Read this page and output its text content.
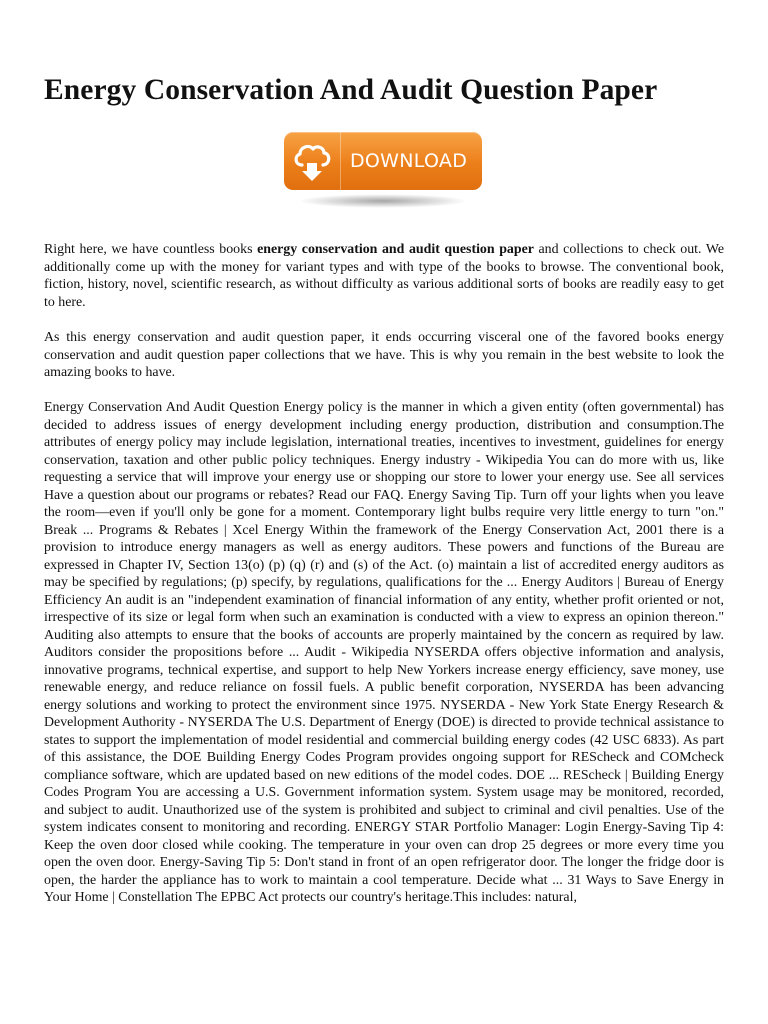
Energy Conservation And Audit Question Paper
DOWNLOAD

Right here, we have countless books energy conservation and audit question paper and collections to check out. We additionally come up with the money for variant types and with type of the books to browse. The conventional book, fiction, history, novel, scientific research, as without difficulty as various additional sorts of books are readily easy to get to here.

As this energy conservation and audit question paper, it ends occurring visceral one of the favored books energy conservation and audit question paper collections that we have. This is why you remain in the best website to look the amazing books to have.

Energy Conservation And Audit Question Energy policy is the manner in which a given entity (often governmental) has decided to address issues of energy development including energy production, distribution and consumption.The attributes of energy policy may include legislation, international treaties, incentives to investment, guidelines for energy conservation, taxation and other public policy techniques. Energy industry - Wikipedia You can do more with us, like requesting a service that will improve your energy use or shopping our store to lower your energy use. See all services Have a question about our programs or rebates? Read our FAQ. Energy Saving Tip. Turn off your lights when you leave the room—even if you'll only be gone for a moment. Contemporary light bulbs require very little energy to turn "on." Break ... Programs & Rebates | Xcel Energy Within the framework of the Energy Conservation Act, 2001 there is a provision to introduce energy managers as well as energy auditors. These powers and functions of the Bureau are expressed in Chapter IV, Section 13(o) (p) (q) (r) and (s) of the Act. (o) maintain a list of accredited energy auditors as may be specified by regulations; (p) specify, by regulations, qualifications for the ... Energy Auditors | Bureau of Energy Efficiency An audit is an "independent examination of financial information of any entity, whether profit oriented or not, irrespective of its size or legal form when such an examination is conducted with a view to express an opinion thereon." Auditing also attempts to ensure that the books of accounts are properly maintained by the concern as required by law. Auditors consider the propositions before ... Audit - Wikipedia NYSERDA offers objective information and analysis, innovative programs, technical expertise, and support to help New Yorkers increase energy efficiency, save money, use renewable energy, and reduce reliance on fossil fuels. A public benefit corporation, NYSERDA has been advancing energy solutions and working to protect the environment since 1975. NYSERDA - New York State Energy Research & Development Authority - NYSERDA The U.S. Department of Energy (DOE) is directed to provide technical assistance to states to support the implementation of model residential and commercial building energy codes (42 USC 6833). As part of this assistance, the DOE Building Energy Codes Program provides ongoing support for REScheck and COMcheck compliance software, which are updated based on new editions of the model codes. DOE ... REScheck | Building Energy Codes Program You are accessing a U.S. Government information system. System usage may be monitored, recorded, and subject to audit. Unauthorized use of the system is prohibited and subject to criminal and civil penalties. Use of the system indicates consent to monitoring and recording. ENERGY STAR Portfolio Manager: Login Energy-Saving Tip 4: Keep the oven door closed while cooking. The temperature in your oven can drop 25 degrees or more every time you open the oven door. Energy-Saving Tip 5: Don't stand in front of an open refrigerator door. The longer the fridge door is open, the harder the appliance has to work to maintain a cool temperature. Decide what ... 31 Ways to Save Energy in Your Home | Constellation The EPBC Act protects our country's heritage.This includes: natural,
